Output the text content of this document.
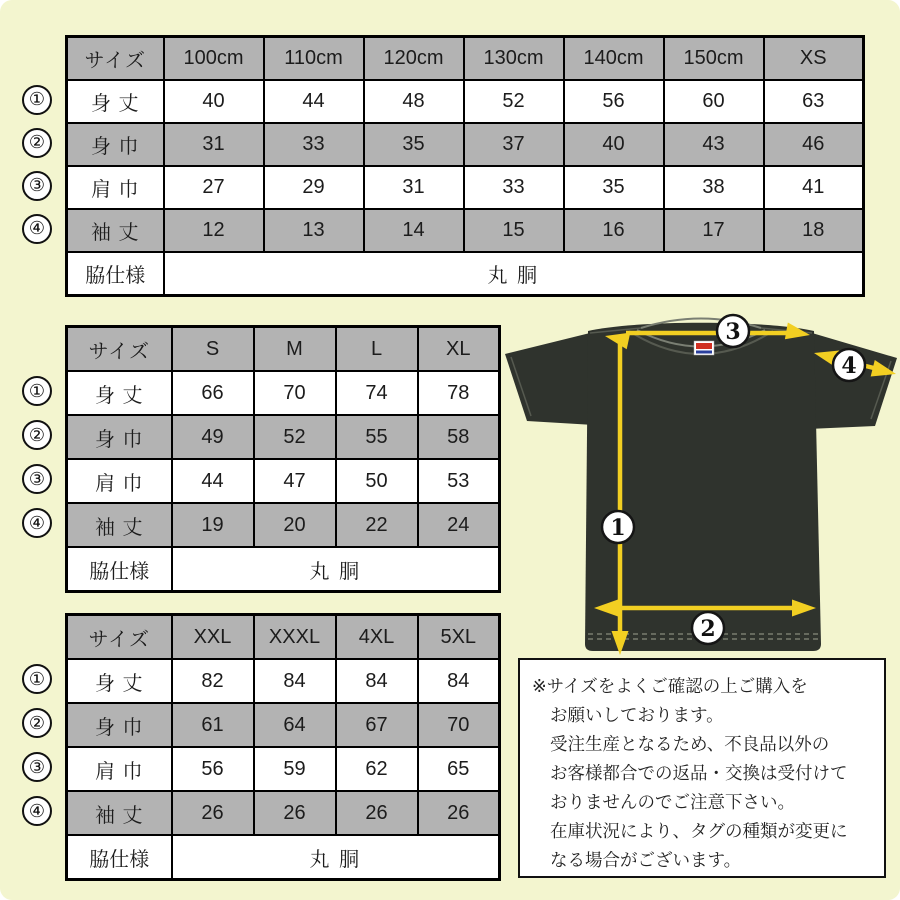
サイズ	100cm	110cm	120cm	130cm	140cm	150cm	XS
身 丈	40	44	48	52	56	60	63
身 巾	31	33	35	37	40	43	46
肩 巾	27	29	31	33	35	38	41
袖 丈	12	13	14	15	16	17	18
脇仕様	丸 胴						
①
②
③
④
サイズ	S	M	L	XL
身 丈	66	70	74	78
身 巾	49	52	55	58
肩 巾	44	47	50	53
袖 丈	19	20	22	24
脇仕様	丸 胴			
①
②
③
④
サイズ	XXL	XXXL	4XL	5XL
身 丈	82	84	84	84
身 巾	61	64	67	70
肩 巾	56	59	62	65
袖 丈	26	26	26	26
脇仕様	丸 胴			
①
②
③
④
1
2
3
4
※サイズをよくご確認の上ご購入を
お願いしております。
受注生産となるため、不良品以外の
お客様都合での返品・交換は受付けて
おりませんのでご注意下さい。
在庫状況により、タグの種類が変更に
なる場合がございます。
